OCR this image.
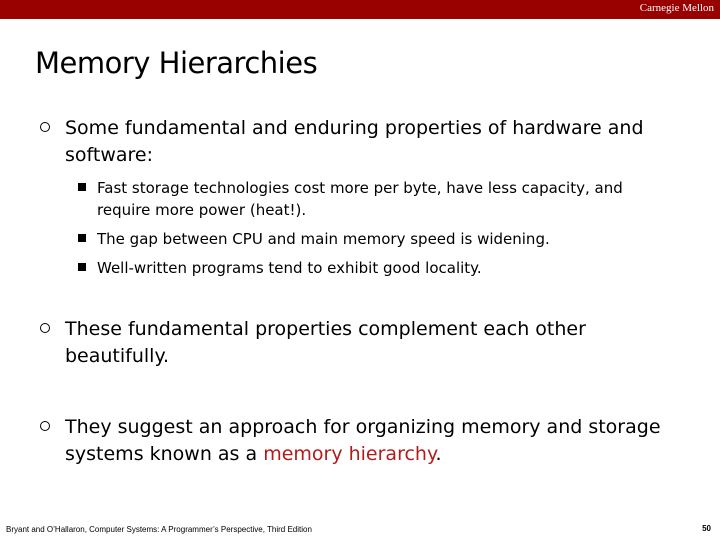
Carnegie Mellon
Memory Hierarchies
Some fundamental and enduring properties of hardware and software:
Fast storage technologies cost more per byte, have less capacity, and require more power (heat!).
The gap between CPU and main memory speed is widening.
Well-written programs tend to exhibit good locality.
These fundamental properties complement each other beautifully.
They suggest an approach for organizing memory and storage systems known as a memory hierarchy.
Bryant and O’Hallaron, Computer Systems: A Programmer’s Perspective, Third Edition	50
